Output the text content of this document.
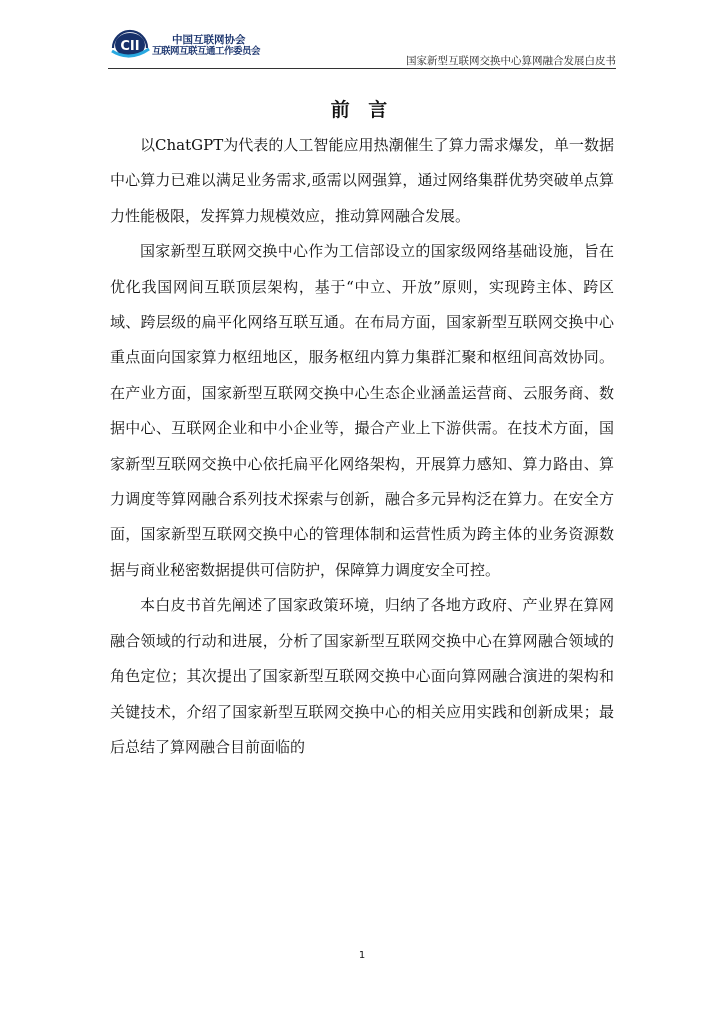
CII	中国互联网协会
互联网互联互通工作委员会
国家新型互联网交换中心算网融合发展白皮书
前 言

以ChatGPT为代表的人工智能应用热潮催生了算力需求爆发，单一数据中心算力已难以满足业务需求,亟需以网强算，通过网络集群优势突破单点算力性能极限，发挥算力规模效应，推动算网融合发展。

国家新型互联网交换中心作为工信部设立的国家级网络基础设施，旨在优化我国网间互联顶层架构，基于“中立、开放”原则，实现跨主体、跨区域、跨层级的扁平化网络互联互通。在布局方面，国家新型互联网交换中心重点面向国家算力枢纽地区，服务枢纽内算力集群汇聚和枢纽间高效协同。在产业方面，国家新型互联网交换中心生态企业涵盖运营商、云服务商、数据中心、互联网企业和中小企业等，撮合产业上下游供需。在技术方面，国家新型互联网交换中心依托扁平化网络架构，开展算力感知、算力路由、算力调度等算网融合系列技术探索与创新，融合多元异构泛在算力。在安全方面，国家新型互联网交换中心的管理体制和运营性质为跨主体的业务资源数据与商业秘密数据提供可信防护，保障算力调度安全可控。

本白皮书首先阐述了国家政策环境，归纳了各地方政府、产业界在算网融合领域的行动和进展，分析了国家新型互联网交换中心在算网融合领域的角色定位；其次提出了国家新型互联网交换中心面向算网融合演进的架构和关键技术，介绍了国家新型互联网交换中心的相关应用实践和创新成果；最后总结了算网融合目前面临的

1
